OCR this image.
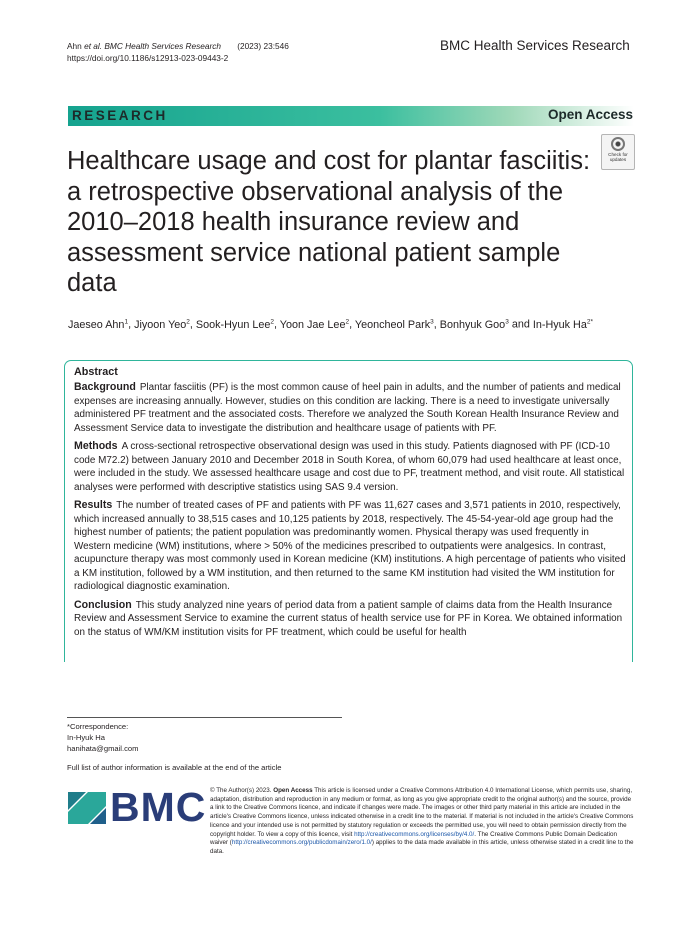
Ahn et al. BMC Health Services Research (2023) 23:546
https://doi.org/10.1186/s12913-023-09443-2
BMC Health Services Research
RESEARCH	Open Access
Check for updates
Healthcare usage and cost for plantar fasciitis: a retrospective observational analysis of the 2010–2018 health insurance review and assessment service national patient sample data
Jaeseo Ahn$^1$, Jiyoon Yeo$^2$, Sook-Hyun Lee$^2$, Yoon Jae Lee$^2$, Yeoncheol Park$^3$, Bonhyuk Goo$^3$ and In-Hyuk $Ha^{2*}$
Abstract

Background Plantar fasciitis (PF) is the most common cause of heel pain in adults, and the number of patients and medical expenses are increasing annually. However, studies on this condition are lacking. There is a need to investigate universally administered PF treatment and the associated costs. Therefore we analyzed the South Korean Health Insurance Review and Assessment Service data to investigate the distribution and healthcare usage of patients with PF.

Methods A cross-sectional retrospective observational design was used in this study. Patients diagnosed with PF (ICD-10 code M72.2) between January 2010 and December 2018 in South Korea, of whom 60,079 had used healthcare at least once, were included in the study. We assessed healthcare usage and cost due to PF, treatment method, and visit route. All statistical analyses were performed with descriptive statistics using SAS 9.4 version.

Results The number of treated cases of PF and patients with PF was 11,627 cases and 3,571 patients in 2010, respectively, which increased annually to 38,515 cases and 10,125 patients by 2018, respectively. The 45-54-year-old age group had the highest number of patients; the patient population was predominantly women. Physical therapy was used frequently in Western medicine (WM) institutions, where > 50% of the medicines prescribed to outpatients were analgesics. In contrast, acupuncture therapy was most commonly used in Korean medicine (KM) institutions. A high percentage of patients who visited a KM institution, followed by a WM institution, and then returned to the same KM institution had visited the WM institution for radiological diagnostic examination.

Conclusion This study analyzed nine years of period data from a patient sample of claims data from the Health Insurance Review and Assessment Service to examine the current status of health service use for PF in Korea. We obtained information on the status of WM/KM institution visits for PF treatment, which could be useful for health

*Correspondence:
In-Hyuk Ha
hanihata@gmail.com
Full list of author information is available at the end of the article
BMC © The Author(s) 2023. Open Access This article is licensed under a Creative Commons Attribution 4.0 International License, which permits use, sharing, adaptation, distribution and reproduction in any medium or format, as long as you give appropriate credit to the original author(s) and the source, provide a link to the Creative Commons licence, and indicate if changes were made. The images or other third party material in this article are included in the article's Creative Commons licence, unless indicated otherwise in a credit line to the material. If material is not included in the article's Creative Commons licence and your intended use is not permitted by statutory regulation or exceeds the permitted use, you will need to obtain permission directly from the copyright holder. To view a copy of this licence, visit http://creativecommons.org/licenses/by/4.0/. The Creative Commons Public Domain Dedication waiver (http://creativecommons.org/publicdomain/zero/1.0/) applies to the data made available in this article, unless otherwise stated in a credit line to the data.
